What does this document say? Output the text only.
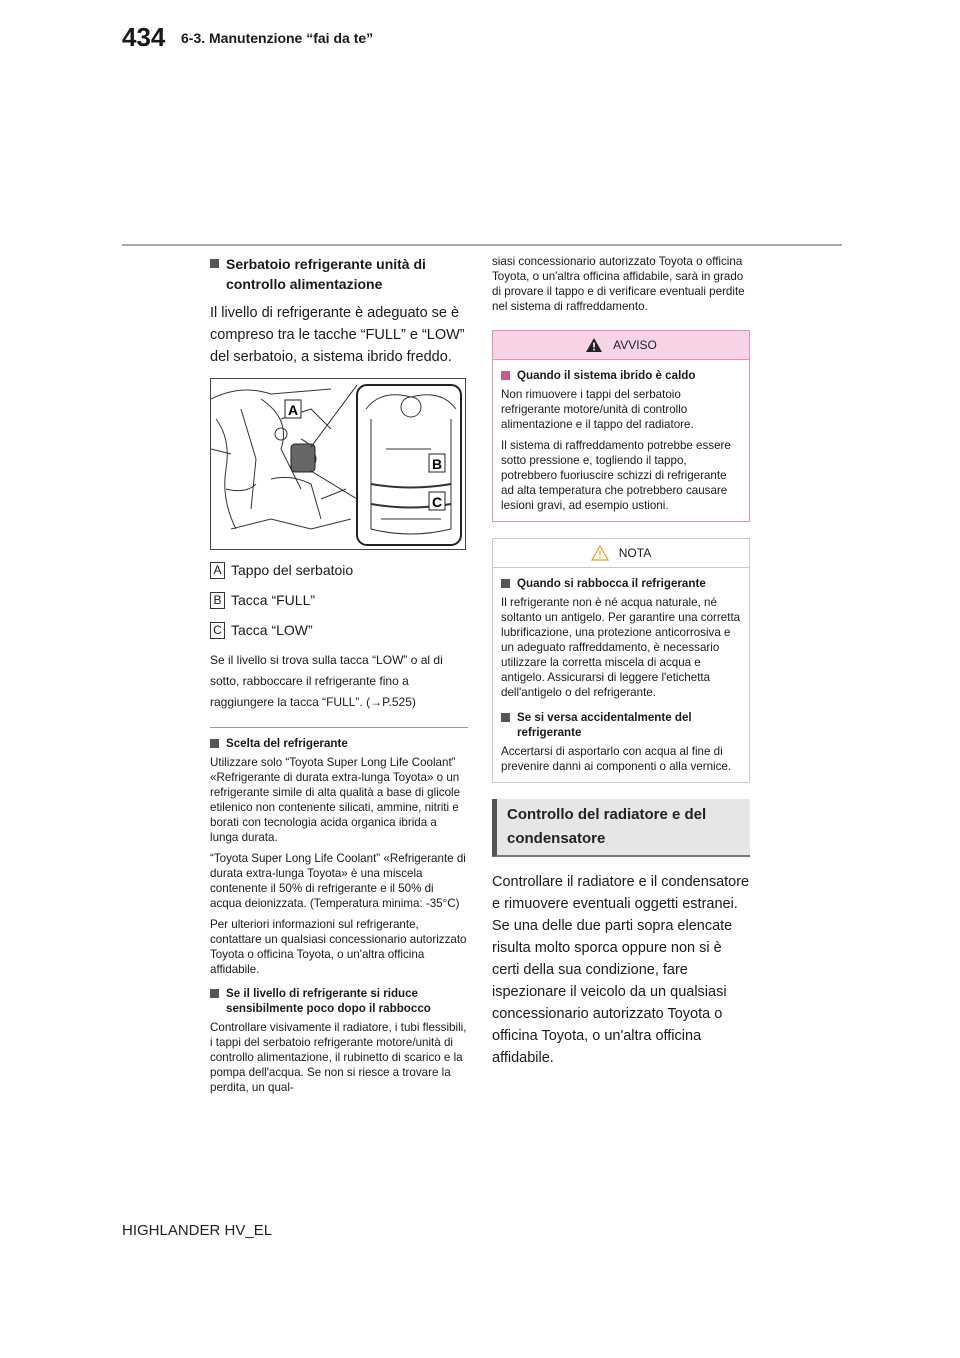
434 6-3. Manutenzione “fai da te”
Serbatoio refrigerante unità di controllo alimentazione

Il livello di refrigerante è adeguato se è compreso tra le tacche “FULL” e “LOW” del serbatoio, a sistema ibrido freddo.

A
B
C
A Tappo del serbatoio
B Tacca “FULL”
C Tacca “LOW”

Se il livello si trova sulla tacca “LOW” o al di sotto, rabboccare il refrigerante fino a raggiungere la tacca “FULL”. (→P.525)

Scelta del refrigerante

Utilizzare solo “Toyota Super Long Life Coolant” «Refrigerante di durata extra-lunga Toyota» o un refrigerante simile di alta qualità a base di glicole etilenico non contenente silicati, ammine, nitriti e borati con tecnologia acida organica ibrida a lunga durata.

“Toyota Super Long Life Coolant” «Refrigerante di durata extra-lunga Toyota» è una miscela contenente il 50% di refrigerante e il 50% di acqua deionizzata. (Temperatura minima: -35°C)

Per ulteriori informazioni sul refrigerante, contattare un qualsiasi concessionario autorizzato Toyota o officina Toyota, o un'altra officina affidabile.

Se il livello di refrigerante si riduce sensibilmente poco dopo il rabbocco

Controllare visivamente il radiatore, i tubi flessibili, i tappi del serbatoio refrigerante motore/unità di controllo alimentazione, il rubinetto di scarico e la pompa dell'acqua. Se non si riesce a trovare la perdita, un qual-

siasi concessionario autorizzato Toyota o officina Toyota, o un'altra officina affidabile, sarà in grado di provare il tappo e di verificare eventuali perdite nel sistema di raffreddamento.

AVVISO
Quando il sistema ibrido è caldo

Non rimuovere i tappi del serbatoio refrigerante motore/unità di controllo alimentazione e il tappo del radiatore.

Il sistema di raffreddamento potrebbe essere sotto pressione e, togliendo il tappo, potrebbero fuoriuscire schizzi di refrigerante ad alta temperatura che potrebbero causare lesioni gravi, ad esempio ustioni.

NOTA
Quando si rabbocca il refrigerante

Il refrigerante non è né acqua naturale, né soltanto un antigelo. Per garantire una corretta lubrificazione, una protezione anticorrosiva e un adeguato raffreddamento, è necessario utilizzare la corretta miscela di acqua e antigelo. Assicurarsi di leggere l'etichetta dell'antigelo o del refrigerante.

Se si versa accidentalmente del refrigerante

Accertarsi di asportarlo con acqua al fine di prevenire danni ai componenti o alla vernice.

Controllo del radiatore e del condensatore

Controllare il radiatore e il condensatore e rimuovere eventuali oggetti estranei. Se una delle due parti sopra elencate risulta molto sporca oppure non si è certi della sua condizione, fare ispezionare il veicolo da un qualsiasi concessionario autorizzato Toyota o officina Toyota, o un'altra officina affidabile.

HIGHLANDER HV_EL
